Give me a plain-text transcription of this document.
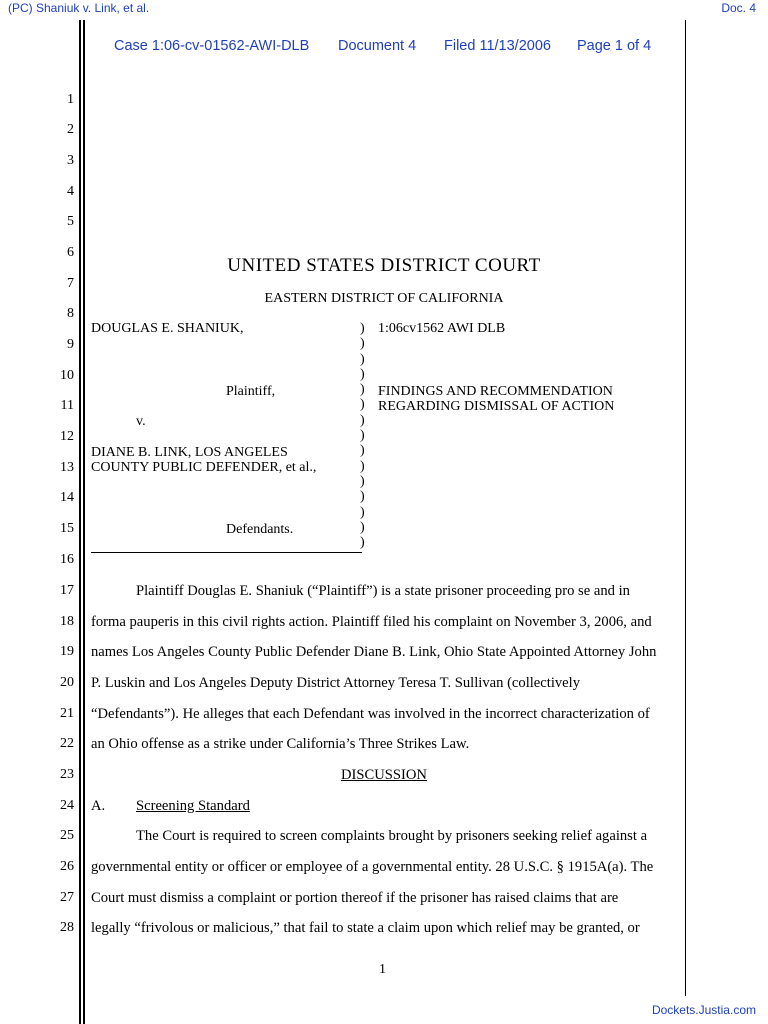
(PC) Shaniuk v. Link, et al.	Doc. 4
Case 1:06-cv-01562-AWI-DLB Document 4 Filed 11/13/2006 Page 1 of 4
1
2
3
4
5
6
7
8
9
10
11
12
13
14
15
16
17
18
19
20
21
22
23
24
25
26
27
28
UNITED STATES DISTRICT COURT
EASTERN DISTRICT OF CALIFORNIA
DOUGLAS E. SHANIUK,
Plaintiff,
v.
DIANE B. LINK, LOS ANGELES
COUNTY PUBLIC DEFENDER, et al.,
Defendants.
)
)
)
)
)
)
)
)
)
)
)
)
)
)
)
1:06cv1562 AWI DLB
FINDINGS AND RECOMMENDATION
REGARDING DISMISSAL OF ACTION
Plaintiff Douglas E. Shaniuk (“Plaintiff”) is a state prisoner proceeding pro se and in
forma pauperis in this civil rights action. Plaintiff filed his complaint on November 3, 2006, and
names Los Angeles County Public Defender Diane B. Link, Ohio State Appointed Attorney John
P. Luskin and Los Angeles Deputy District Attorney Teresa T. Sullivan (collectively
“Defendants”). He alleges that each Defendant was involved in the incorrect characterization of
an Ohio offense as a strike under California’s Three Strikes Law.
DISCUSSION
A. Screening Standard
The Court is required to screen complaints brought by prisoners seeking relief against a
governmental entity or officer or employee of a governmental entity. 28 U.S.C. § 1915A(a). The
Court must dismiss a complaint or portion thereof if the prisoner has raised claims that are
legally “frivolous or malicious,” that fail to state a claim upon which relief may be granted, or
1
Dockets.Justia.com
